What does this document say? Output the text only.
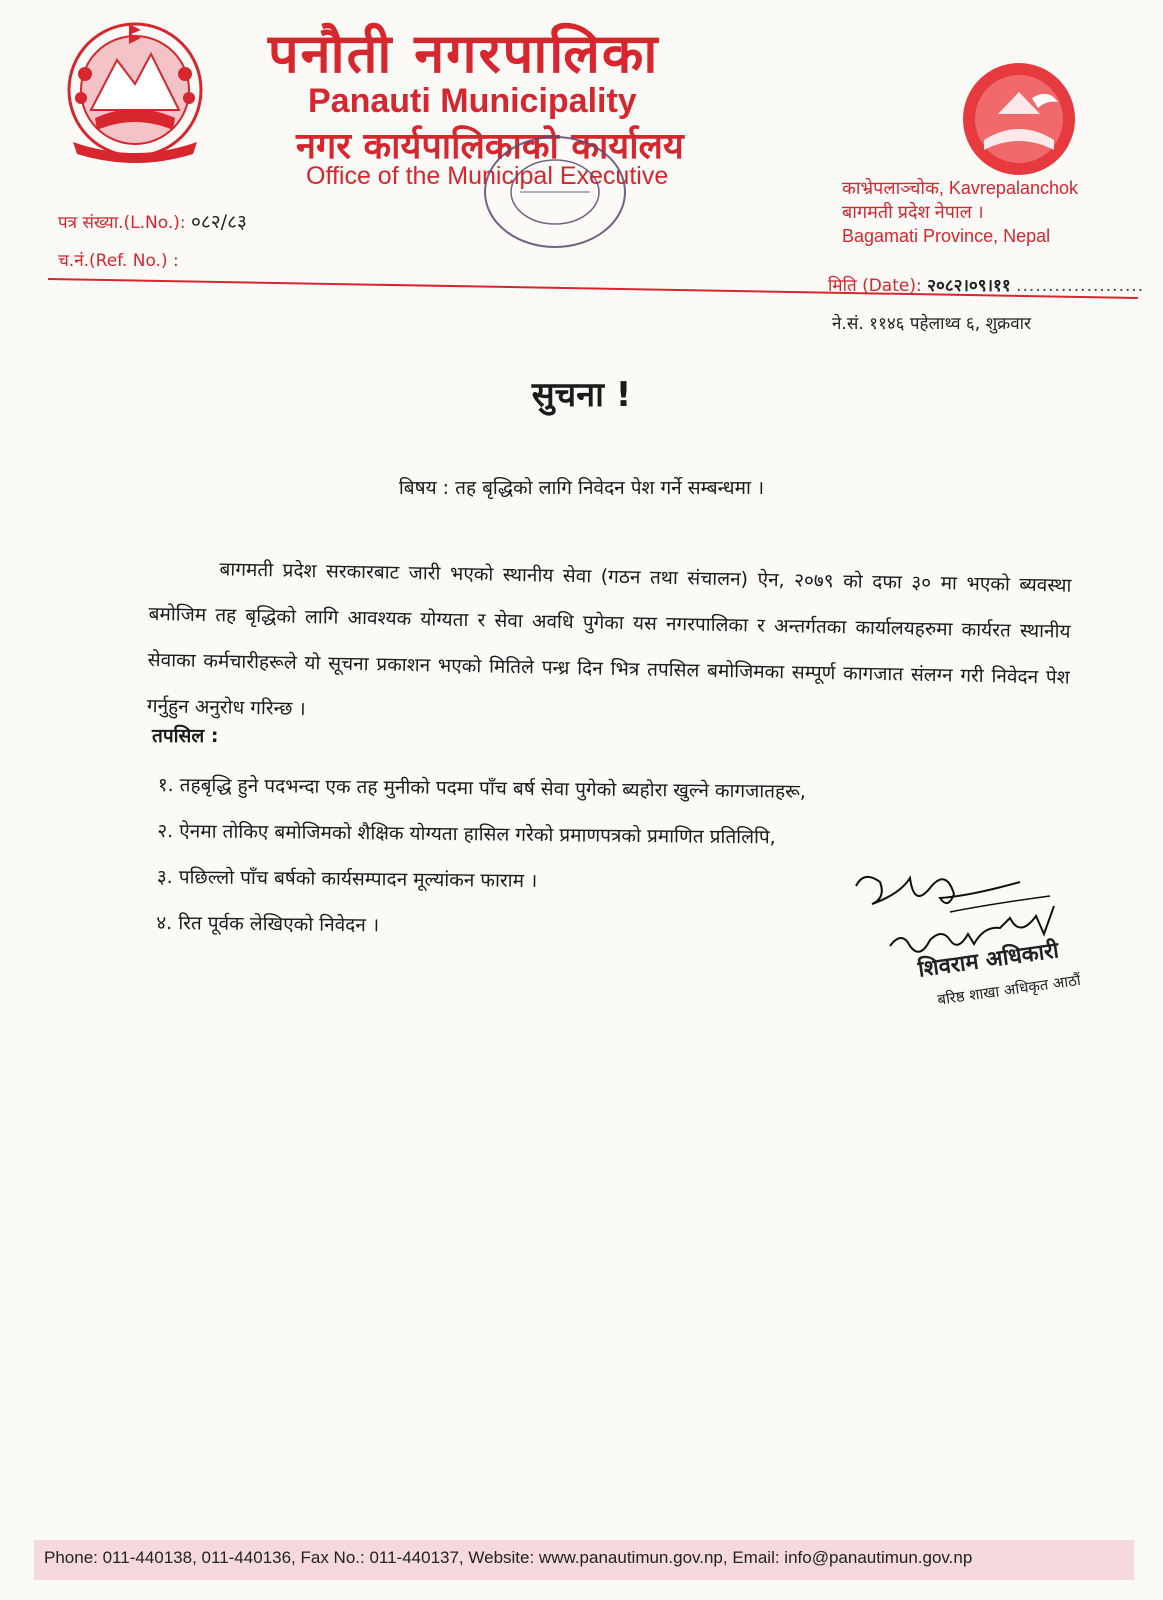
पनौती नगरपालिका
Panauti Municipality
नगर कार्यपालिकाको कार्यालय
Office of the Municipal Executive
पत्र संख्या.(L.No.): ०८२/८३
च.नं.(Ref. No.) :
काभ्रेपलाञ्चोक, Kavrepalanchok
बागमती प्रदेश नेपाल ।
Bagamati Province, Nepal
मिति (Date): २०८२।०९।११ ....................
ने.सं. ११४६ पहेलाथ्व ६, शुक्रवार
सुचना !
बिषय : तह बृद्धिको लागि निवेदन पेश गर्ने सम्बन्धमा ।
बागमती प्रदेश सरकारबाट जारी भएको स्थानीय सेवा (गठन तथा संचालन) ऐन, २०७९ को दफा ३० मा भएको ब्यवस्था बमोजिम तह बृद्धिको लागि आवश्यक योग्यता र सेवा अवधि पुगेका यस नगरपालिका र अन्तर्गतका कार्यालयहरुमा कार्यरत स्थानीय सेवाका कर्मचारीहरूले यो सूचना प्रकाशन भएको मितिले पन्ध्र दिन भित्र तपसिल बमोजिमका सम्पूर्ण कागजात संलग्न गरी निवेदन पेश गर्नुहुन अनुरोध गरिन्छ ।
तपसिल :
१. तहबृद्धि हुने पदभन्दा एक तह मुनीको पदमा पाँच बर्ष सेवा पुगेको ब्यहोरा खुल्ने कागजातहरू,
२. ऐनमा तोकिए बमोजिमको शैक्षिक योग्यता हासिल गरेको प्रमाणपत्रको प्रमाणित प्रतिलिपि,
३. पछिल्लो पाँच बर्षको कार्यसम्पादन मूल्यांकन फाराम ।
४. रित पूर्वक लेखिएको निवेदन ।
शिवराम अधिकारी
बरिष्ठ शाखा अधिकृत आठौं
Phone: 011-440138, 011-440136, Fax No.: 011-440137, Website: www.panautimun.gov.np, Email: info@panautimun.gov.np
